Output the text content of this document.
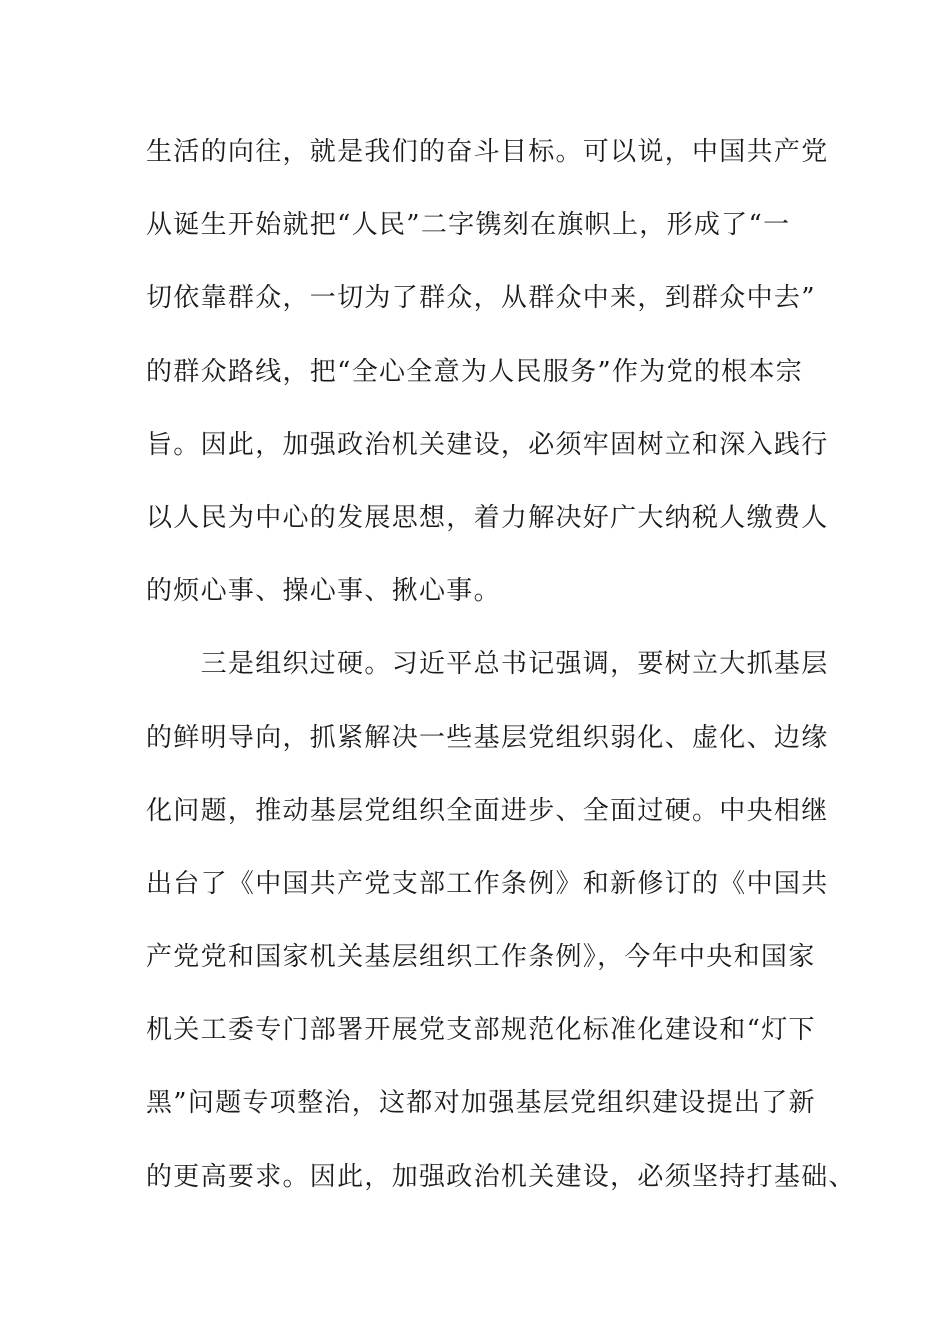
生活的向往，就是我们的奋斗目标。可以说，中国共产党
从诞生开始就把“人民”二字镌刻在旗帜上，形成了“一
切依靠群众，一切为了群众，从群众中来，到群众中去”
的群众路线，把“全心全意为人民服务”作为党的根本宗
旨。因此，加强政治机关建设，必须牢固树立和深入践行
以人民为中心的发展思想，着力解决好广大纳税人缴费人
的烦心事、操心事、揪心事。
　　三是组织过硬。习近平总书记强调，要树立大抓基层
的鲜明导向，抓紧解决一些基层党组织弱化、虚化、边缘
化问题，推动基层党组织全面进步、全面过硬。中央相继
出台了《中国共产党支部工作条例》和新修订的《中国共
产党党和国家机关基层组织工作条例》，今年中央和国家
机关工委专门部署开展党支部规范化标准化建设和“灯下
黑”问题专项整治，这都对加强基层党组织建设提出了新
的更高要求。因此，加强政治机关建设，必须坚持打基础、
